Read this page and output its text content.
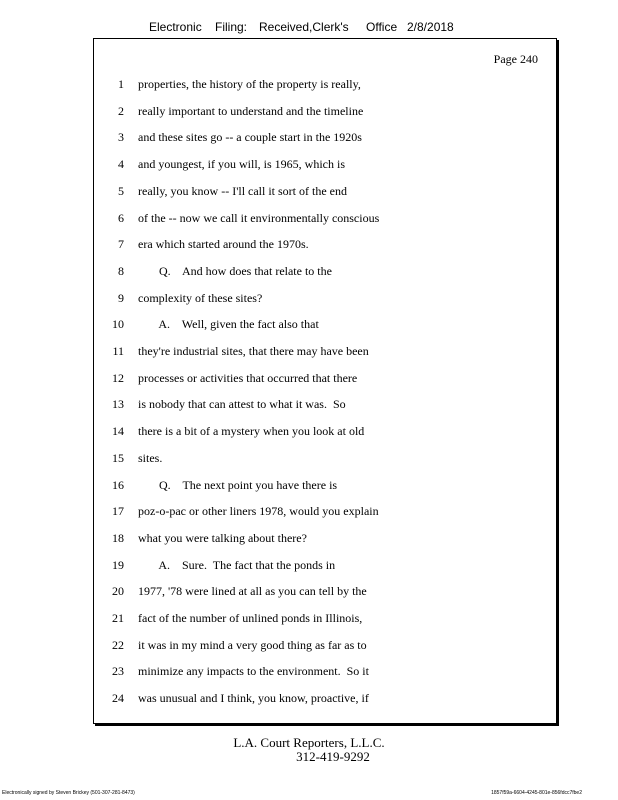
Electronic Filing: Received,Clerk's Office 2/8/2018
Page 240
1 properties, the history of the property is really,
2 really important to understand and the timeline
3 and these sites go -- a couple start in the 1920s
4 and youngest, if you will, is 1965, which is
5 really, you know -- I'll call it sort of the end
6 of the -- now we call it environmentally conscious
7 era which started around the 1970s.
8 Q.    And how does that relate to the
9 complexity of these sites?
10 A.    Well, given the fact also that
11 they're industrial sites, that there may have been
12 processes or activities that occurred that there
13 is nobody that can attest to what it was.  So
14 there is a bit of a mystery when you look at old
15 sites.
16 Q.    The next point you have there is
17 poz-o-pac or other liners 1978, would you explain
18 what you were talking about there?
19 A.    Sure.  The fact that the ponds in
20 1977, '78 were lined at all as you can tell by the
21 fact of the number of unlined ponds in Illinois,
22 it was in my mind a very good thing as far as to
23 minimize any impacts to the environment.  So it
24 was unusual and I think, you know, proactive, if
L.A. Court Reporters, L.L.C.
312-419-9292
Electronically signed by Steven Brickey (501-307-281-8473)	1857f59a-6604-4245-801e-856fdcc7fbe2
